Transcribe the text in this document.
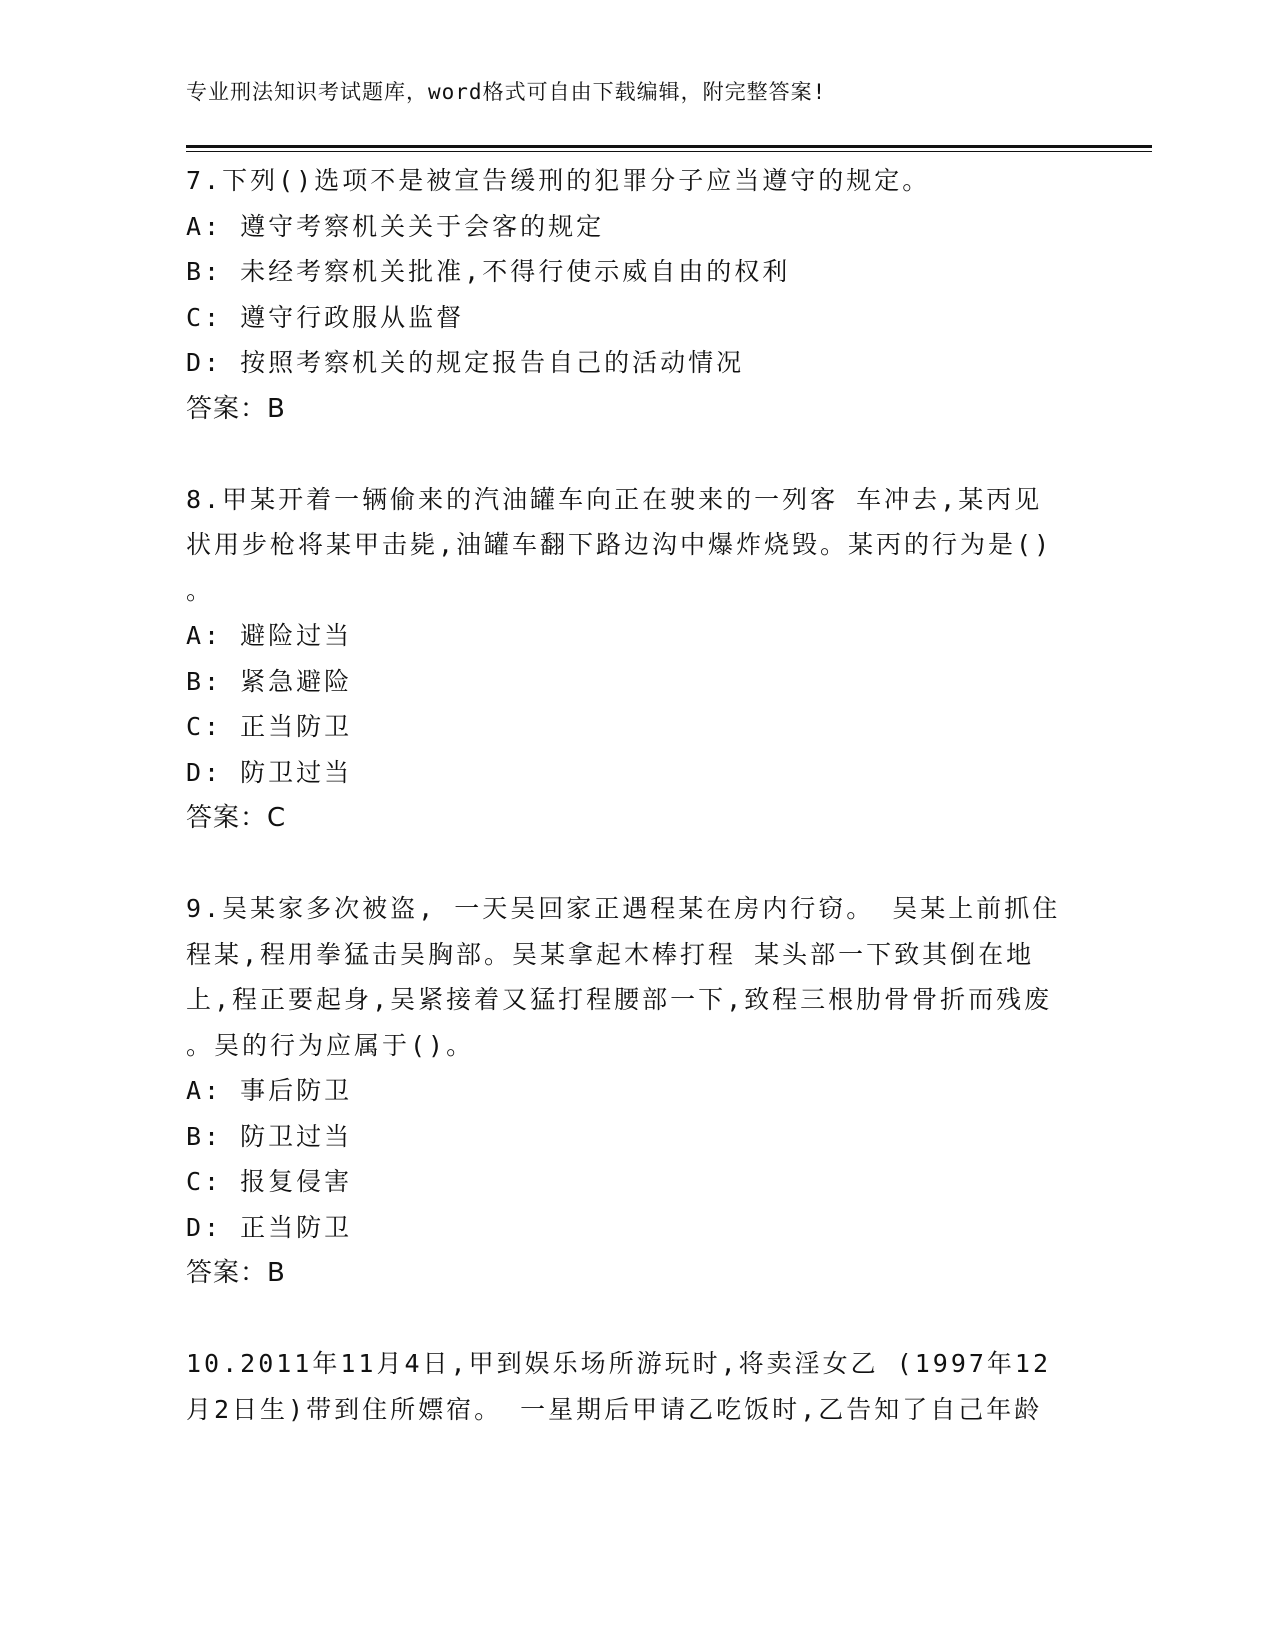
专业刑法知识考试题库，word格式可自由下载编辑，附完整答案!
7.下列()选项不是被宣告缓刑的犯罪分子应当遵守的规定。
A: 遵守考察机关关于会客的规定
B: 未经考察机关批准,不得行使示威自由的权利
C: 遵守行政服从监督
D: 按照考察机关的规定报告自己的活动情况
答案：B
8.甲某开着一辆偷来的汽油罐车向正在驶来的一列客 车冲去,某丙见
状用步枪将某甲击毙,油罐车翻下路边沟中爆炸烧毁。某丙的行为是()
。
A: 避险过当
B: 紧急避险
C: 正当防卫
D: 防卫过当
答案：C
9.吴某家多次被盗, 一天吴回家正遇程某在房内行窃。 吴某上前抓住
程某,程用拳猛击吴胸部。吴某拿起木棒打程 某头部一下致其倒在地
上,程正要起身,吴紧接着又猛打程腰部一下,致程三根肋骨骨折而残废
。吴的行为应属于()。
A: 事后防卫
B: 防卫过当
C: 报复侵害
D: 正当防卫
答案：B
10.2011年11月4日,甲到娱乐场所游玩时,将卖淫女乙 (1997年12
月2日生)带到住所嫖宿。 一星期后甲请乙吃饭时,乙告知了自己年龄
